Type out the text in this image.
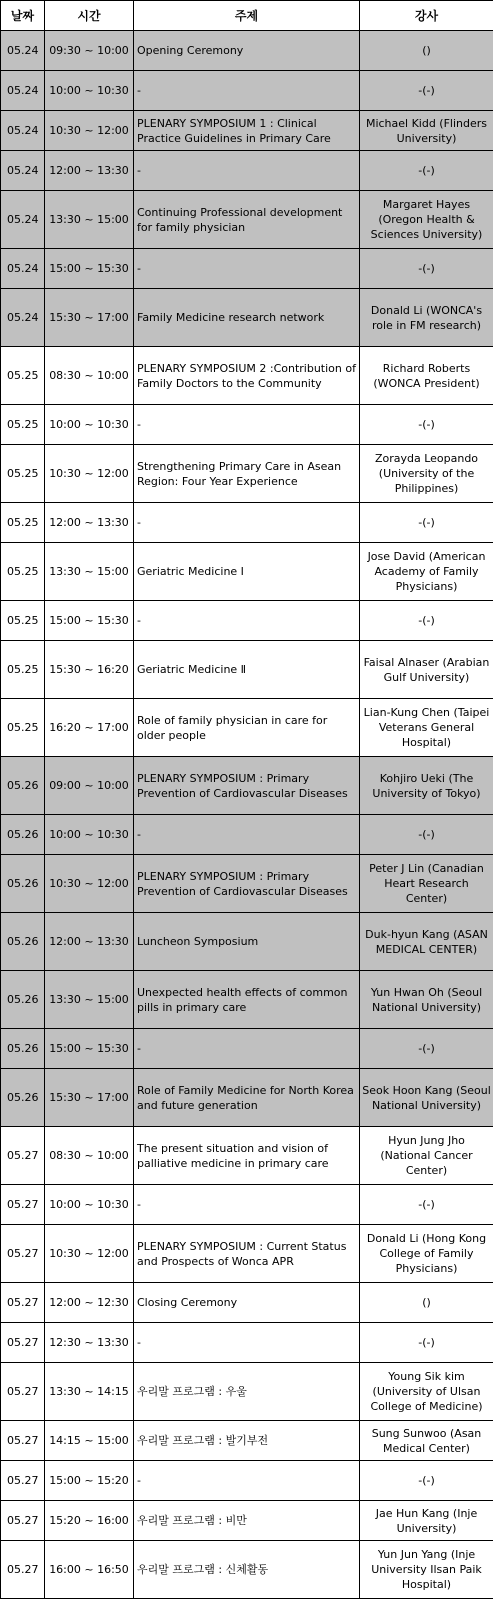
날짜	시간	주제	강사
05.24	09:30 ~ 10:00	Opening Ceremony	()
05.24	10:00 ~ 10:30	-	-(-)
05.24	10:30 ~ 12:00	PLENARY SYMPOSIUM 1 : Clinical Practice Guidelines in Primary Care	Michael Kidd (Flinders University)
05.24	12:00 ~ 13:30	-	-(-)
05.24	13:30 ~ 15:00	Continuing Professional development for family physician	Margaret Hayes (Oregon Health & Sciences University)
05.24	15:00 ~ 15:30	-	-(-)
05.24	15:30 ~ 17:00	Family Medicine research network	Donald Li (WONCA's role in FM research)
05.25	08:30 ~ 10:00	PLENARY SYMPOSIUM 2 :Contribution of Family Doctors to the Community	Richard Roberts (WONCA President)
05.25	10:00 ~ 10:30	-	-(-)
05.25	10:30 ~ 12:00	Strengthening Primary Care in Asean Region: Four Year Experience	Zorayda Leopando (University of the Philippines)
05.25	12:00 ~ 13:30	-	-(-)
05.25	13:30 ~ 15:00	Geriatric Medicine Ⅰ	Jose David (American Academy of Family Physicians)
05.25	15:00 ~ 15:30	-	-(-)
05.25	15:30 ~ 16:20	Geriatric Medicine Ⅱ	Faisal Alnaser (Arabian Gulf University)
05.25	16:20 ~ 17:00	Role of family physician in care for older people	Lian-Kung Chen (Taipei Veterans General Hospital)
05.26	09:00 ~ 10:00	PLENARY SYMPOSIUM : Primary Prevention of Cardiovascular Diseases	Kohjiro Ueki (The University of Tokyo)
05.26	10:00 ~ 10:30	-	-(-)
05.26	10:30 ~ 12:00	PLENARY SYMPOSIUM : Primary Prevention of Cardiovascular Diseases	Peter J Lin (Canadian Heart Research Center)
05.26	12:00 ~ 13:30	Luncheon Symposium	Duk-hyun Kang (ASAN MEDICAL CENTER)
05.26	13:30 ~ 15:00	Unexpected health effects of common pills in primary care	Yun Hwan Oh (Seoul National University)
05.26	15:00 ~ 15:30	-	-(-)
05.26	15:30 ~ 17:00	Role of Family Medicine for North Korea and future generation	Seok Hoon Kang (Seoul National University)
05.27	08:30 ~ 10:00	The present situation and vision of palliative medicine in primary care	Hyun Jung Jho (National Cancer Center)
05.27	10:00 ~ 10:30	-	-(-)
05.27	10:30 ~ 12:00	PLENARY SYMPOSIUM : Current Status and Prospects of Wonca APR	Donald Li (Hong Kong College of Family Physicians)
05.27	12:00 ~ 12:30	Closing Ceremony	()
05.27	12:30 ~ 13:30	-	-(-)
05.27	13:30 ~ 14:15	우리말 프로그램 : 우울	Young Sik kim (University of Ulsan College of Medicine)
05.27	14:15 ~ 15:00	우리말 프로그램 : 발기부전	Sung Sunwoo (Asan Medical Center)
05.27	15:00 ~ 15:20	-	-(-)
05.27	15:20 ~ 16:00	우리말 프로그램 : 비만	Jae Hun Kang (Inje University)
05.27	16:00 ~ 16:50	우리말 프로그램 : 신체활동	Yun Jun Yang (Inje University Ilsan Paik Hospital)
